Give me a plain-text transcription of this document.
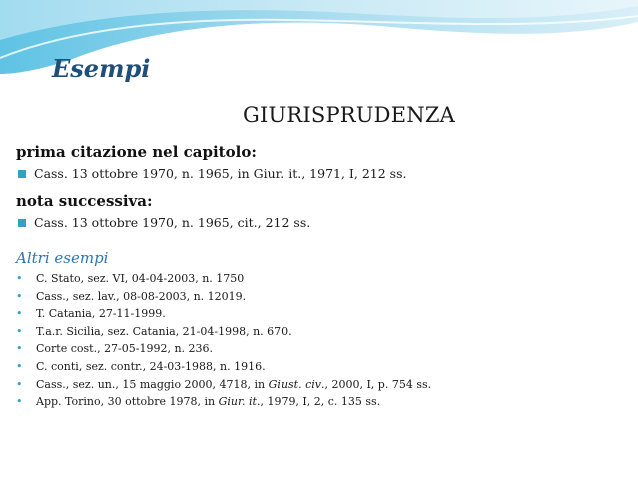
Esempi
GIURISPRUDENZA

prima citazione nel capitolo:

Cass. 13 ottobre 1970, n. 1965, in Giur. it., 1971, I, 212 ss.

nota successiva:

Cass. 13 ottobre 1970, n. 1965, cit., 212 ss.

Altri esempi

•	C. Stato, sez. VI, 04-04-2003, n. 1750
•	Cass., sez. lav., 08-08-2003, n. 12019.
•	T. Catania, 27-11-1999.
•	T.a.r. Sicilia, sez. Catania, 21-04-1998, n. 670.
•	Corte cost., 27-05-1992, n. 236.
•	C. conti, sez. contr., 24-03-1988, n. 1916.
•	Cass., sez. un., 15 maggio 2000, 4718, in Giust. civ., 2000, I, p. 754 ss.
•	App. Torino, 30 ottobre 1978, in Giur. it., 1979, I, 2, c. 135 ss.
